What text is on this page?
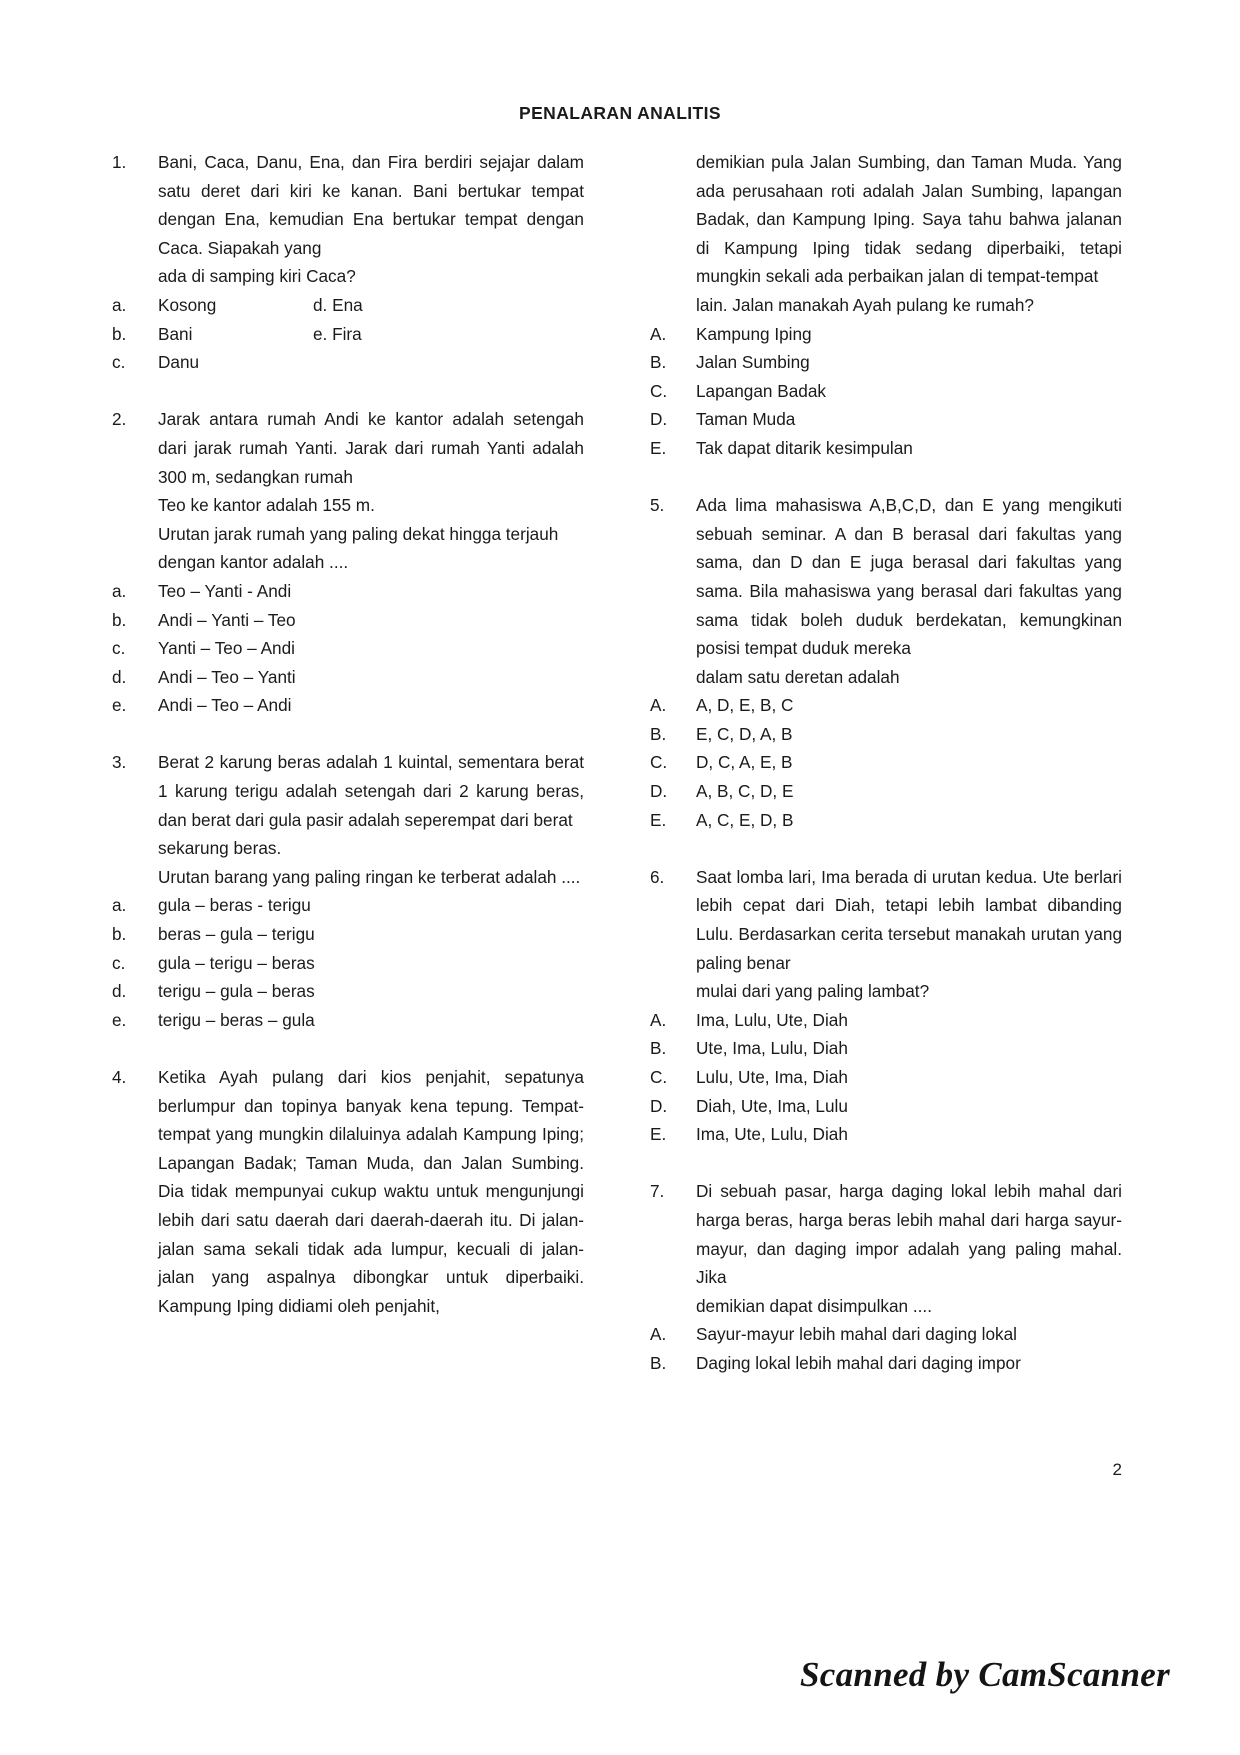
PENALARAN ANALITIS
1.	Bani, Caca, Danu, Ena, dan Fira berdiri sejajar dalam satu deret dari kiri ke kanan. Bani bertukar tempat dengan Ena, kemudian Ena bertukar tempat dengan Caca. Siapakah yang
ada di samping kiri Caca?
a.	Kosong	d. Ena
b.	Bani	e. Fira
c.	Danu
2.	Jarak antara rumah Andi ke kantor adalah setengah dari jarak rumah Yanti. Jarak dari rumah Yanti adalah 300 m, sedangkan rumah
Teo ke kantor adalah 155 m.
Urutan jarak rumah yang paling dekat hingga terjauh dengan kantor adalah ....
a.	Teo – Yanti - Andi
b.	Andi – Yanti – Teo
c.	Yanti – Teo – Andi
d.	Andi – Teo – Yanti
e.	Andi – Teo – Andi
3.	Berat 2 karung beras adalah 1 kuintal, sementara berat 1 karung terigu adalah setengah dari 2 karung beras, dan berat dari gula pasir adalah seperempat dari berat
sekarung beras.
Urutan barang yang paling ringan ke terberat adalah ....
a.	gula – beras - terigu
b.	beras – gula – terigu
c.	gula – terigu – beras
d.	terigu – gula – beras
e.	terigu – beras – gula
4.	Ketika Ayah pulang dari kios penjahit, sepatunya berlumpur dan topinya banyak kena tepung. Tempat-tempat yang mungkin dilaluinya adalah Kampung Iping; Lapangan Badak; Taman Muda, dan Jalan Sumbing. Dia tidak mempunyai cukup waktu untuk mengunjungi lebih dari satu daerah dari daerah-daerah itu. Di jalan-jalan sama sekali tidak ada lumpur, kecuali di jalan-jalan yang aspalnya dibongkar untuk diperbaiki. Kampung Iping didiami oleh penjahit,
demikian pula Jalan Sumbing, dan Taman Muda. Yang ada perusahaan roti adalah Jalan Sumbing, lapangan Badak, dan Kampung Iping. Saya tahu bahwa jalanan di Kampung Iping tidak sedang diperbaiki, tetapi mungkin sekali ada perbaikan jalan di tempat-tempat
lain. Jalan manakah Ayah pulang ke rumah?
A.	Kampung Iping
B.	Jalan Sumbing
C.	Lapangan Badak
D.	Taman Muda
E.	Tak dapat ditarik kesimpulan
5.	Ada lima mahasiswa A,B,C,D, dan E yang mengikuti sebuah seminar. A dan B berasal dari fakultas yang sama, dan D dan E juga berasal dari fakultas yang sama. Bila mahasiswa yang berasal dari fakultas yang sama tidak boleh duduk berdekatan, kemungkinan posisi tempat duduk mereka
dalam satu deretan adalah
A.	A, D, E, B, C
B.	E, C, D, A, B
C.	D, C, A, E, B
D.	A, B, C, D, E
E.	A, C, E, D, B
6.	Saat lomba lari, Ima berada di urutan kedua. Ute berlari lebih cepat dari Diah, tetapi lebih lambat dibanding Lulu. Berdasarkan cerita tersebut manakah urutan yang paling benar
mulai dari yang paling lambat?
A.	Ima, Lulu, Ute, Diah
B.	Ute, Ima, Lulu, Diah
C.	Lulu, Ute, Ima, Diah
D.	Diah, Ute, Ima, Lulu
E.	Ima, Ute, Lulu, Diah
7.	Di sebuah pasar, harga daging lokal lebih mahal dari harga beras, harga beras lebih mahal dari harga sayur-mayur, dan daging impor adalah yang paling mahal. Jika
demikian dapat disimpulkan ....
A.	Sayur-mayur lebih mahal dari daging lokal
B.	Daging lokal lebih mahal dari daging impor
2
Scanned by CamScanner
